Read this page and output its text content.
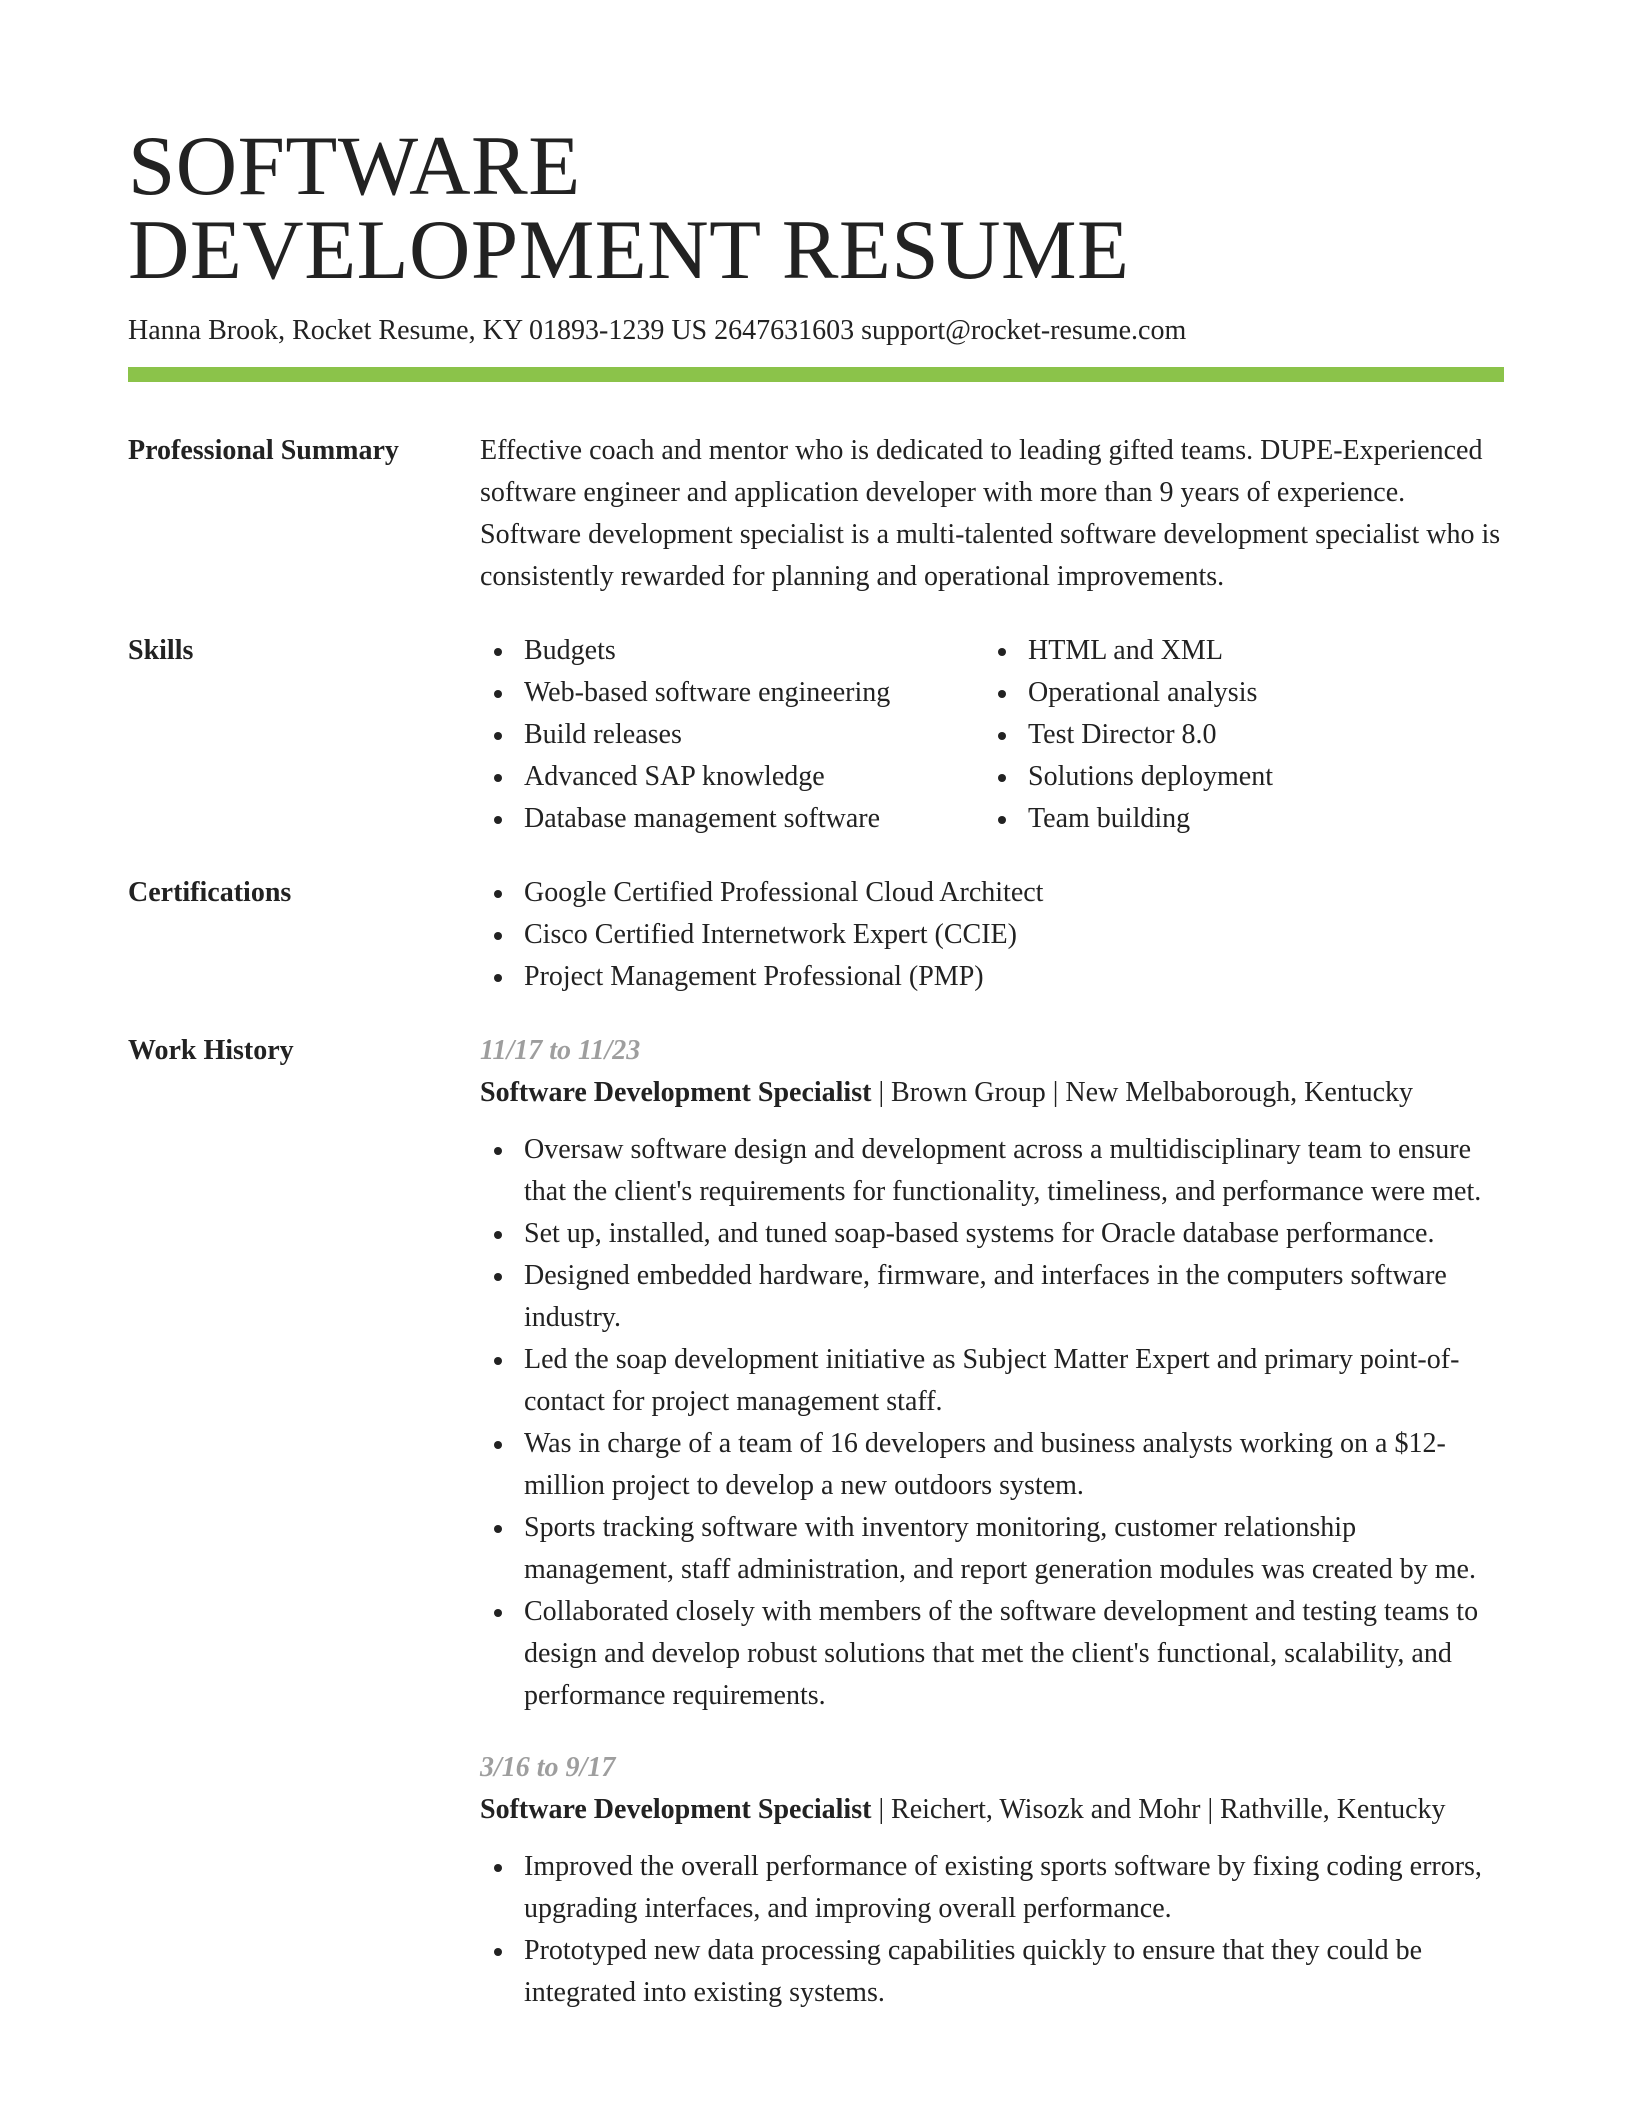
SOFTWARE
DEVELOPMENT RESUME
Hanna Brook, Rocket Resume, KY 01893-1239 US 2647631603 support@rocket-resume.com
Professional Summary	Effective coach and mentor who is dedicated to leading gifted teams. DUPE-Experienced software engineer and application developer with more than 9 years of experience. Software development specialist is a multi-talented software development specialist who is consistently rewarded for planning and operational improvements.
Skills	Budgets
Web-based software engineering
Build releases
Advanced SAP knowledge
Database management software
HTML and XML
Operational analysis
Test Director 8.0
Solutions deployment
Team building
Certifications	Google Certified Professional Cloud Architect
Cisco Certified Internetwork Expert (CCIE)
Project Management Professional (PMP)
Work History	11/17 to 11/23
Software Development Specialist | Brown Group | New Melbaborough, Kentucky
Oversaw software design and development across a multidisciplinary team to ensure that the client's requirements for functionality, timeliness, and performance were met.
Set up, installed, and tuned soap-based systems for Oracle database performance.
Designed embedded hardware, firmware, and interfaces in the computers software industry.
Led the soap development initiative as Subject Matter Expert and primary point-of-contact for project management staff.
Was in charge of a team of 16 developers and business analysts working on a $12-million project to develop a new outdoors system.
Sports tracking software with inventory monitoring, customer relationship management, staff administration, and report generation modules was created by me.
Collaborated closely with members of the software development and testing teams to design and develop robust solutions that met the client's functional, scalability, and performance requirements.
3/16 to 9/17
Software Development Specialist | Reichert, Wisozk and Mohr | Rathville, Kentucky
Improved the overall performance of existing sports software by fixing coding errors, upgrading interfaces, and improving overall performance.
Prototyped new data processing capabilities quickly to ensure that they could be integrated into existing systems.
